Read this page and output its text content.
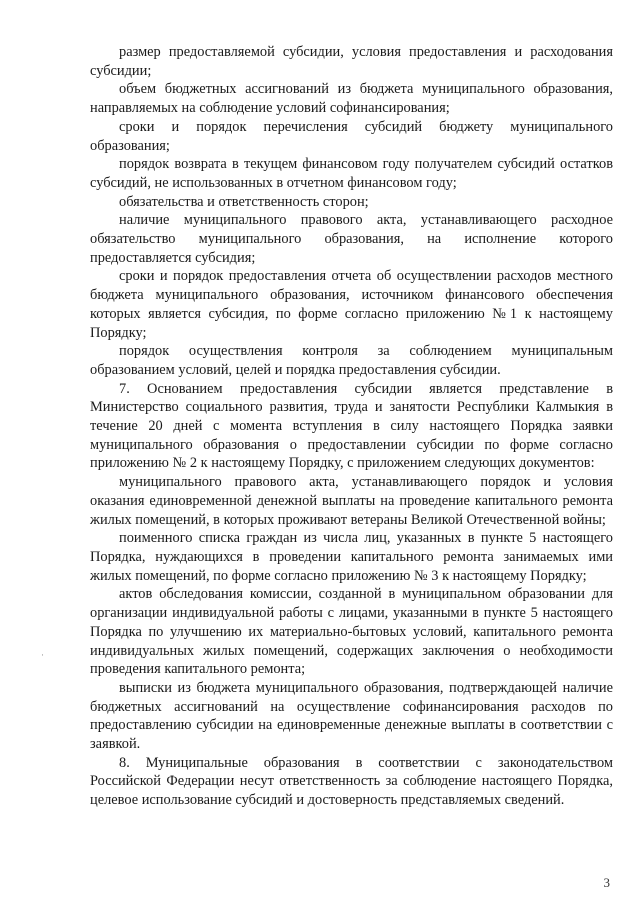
размер предоставляемой субсидии, условия предоставления и расходования субсидии;

объем бюджетных ассигнований из бюджета муниципального образования, направляемых на соблюдение условий софинансирования;

сроки и порядок перечисления субсидий бюджету муниципального образования;

порядок возврата в текущем финансовом году получателем субсидий остатков субсидий, не использованных в отчетном финансовом году;

обязательства и ответственность сторон;

наличие муниципального правового акта, устанавливающего расходное обязательство муниципального образования, на исполнение которого предоставляется субсидия;

сроки и порядок предоставления отчета об осуществлении расходов местного бюджета муниципального образования, источником финансового обеспечения которых является субсидия, по форме согласно приложению №1 к настоящему Порядку;

порядок осуществления контроля за соблюдением муниципальным образованием условий, целей и порядка предоставления субсидии.

7. Основанием предоставления субсидии является представление в Министерство социального развития, труда и занятости Республики Калмыкия в течение 20 дней с момента вступления в силу настоящего Порядка заявки муниципального образования о предоставлении субсидии по форме согласно приложению № 2 к настоящему Порядку, с приложением следующих документов:

муниципального правового акта, устанавливающего порядок и условия оказания единовременной денежной выплаты на проведение капитального ремонта жилых помещений, в которых проживают ветераны Великой Отечественной войны;

поименного списка граждан из числа лиц, указанных в пункте 5 настоящего Порядка, нуждающихся в проведении капитального ремонта занимаемых ими жилых помещений, по форме согласно приложению № 3 к настоящему Порядку;

актов обследования комиссии, созданной в муниципальном образовании для организации индивидуальной работы с лицами, указанными в пункте 5 настоящего Порядка по улучшению их материально-бытовых условий, капитального ремонта индивидуальных жилых помещений, содержащих заключения о необходимости проведения капитального ремонта;

выписки из бюджета муниципального образования, подтверждающей наличие бюджетных ассигнований на осуществление софинансирования расходов по предоставлению субсидии на единовременные денежные выплаты в соответствии с заявкой.

8. Муниципальные образования в соответствии с законодательством Российской Федерации несут ответственность за соблюдение настоящего Порядка, целевое использование субсидий и достоверность представляемых сведений.

·
3
